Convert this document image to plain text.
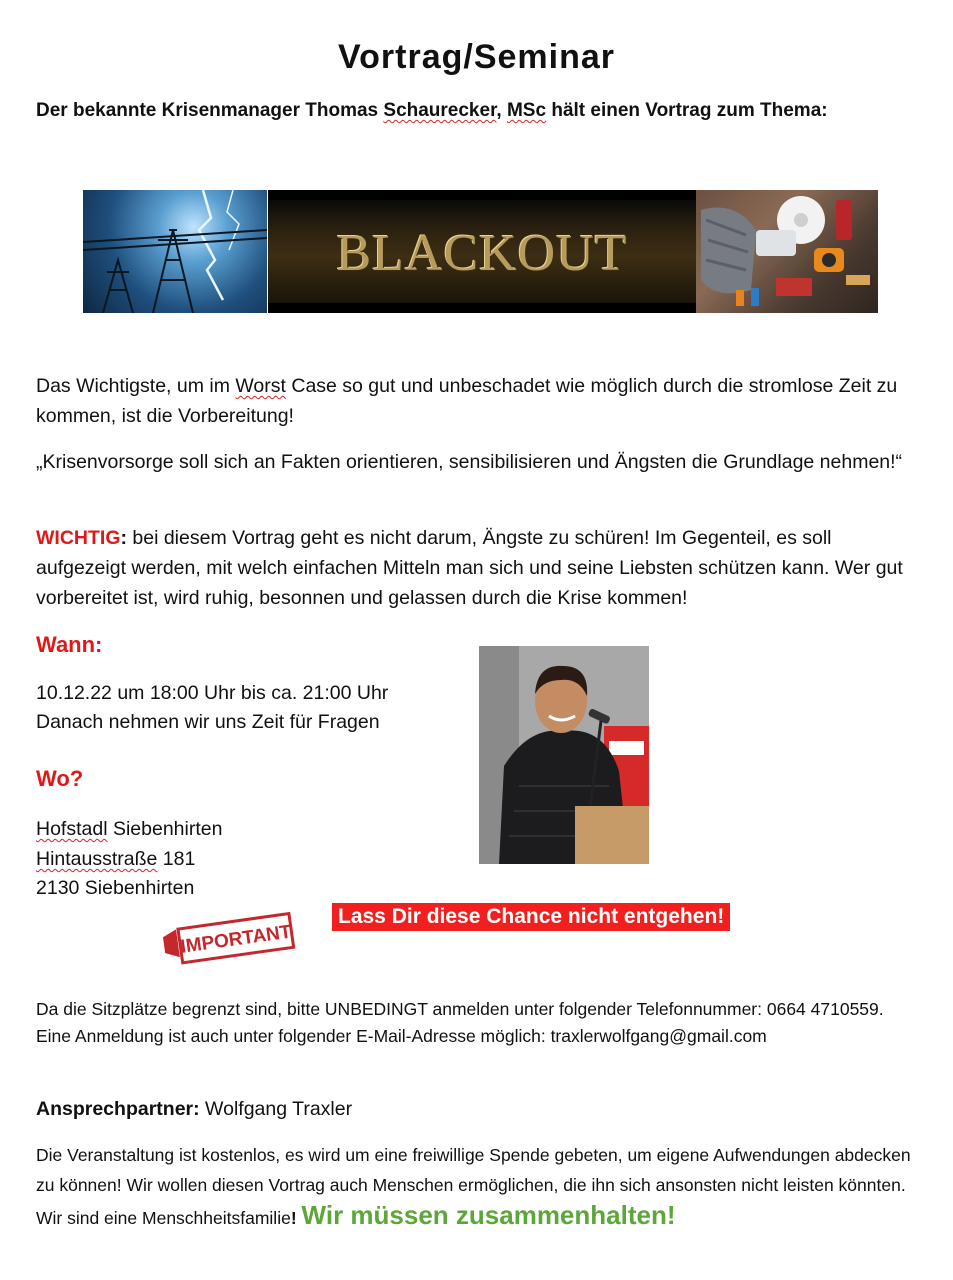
Vortrag/Seminar
Der bekannte Krisenmanager Thomas Schaurecker, MSc hält einen Vortrag zum Thema:
BLACKOUT
Das Wichtigste, um im Worst Case so gut und unbeschadet wie möglich durch die stromlose Zeit zu kommen, ist die Vorbereitung!
„Krisenvorsorge soll sich an Fakten orientieren, sensibilisieren und Ängsten die Grundlage nehmen!“
WICHTIG: bei diesem Vortrag geht es nicht darum, Ängste zu schüren! Im Gegenteil, es soll aufgezeigt werden, mit welch einfachen Mitteln man sich und seine Liebsten schützen kann. Wer gut vorbereitet ist, wird ruhig, besonnen und gelassen durch die Krise kommen!
Wann:
10.12.22 um 18:00 Uhr bis ca. 21:00 Uhr
Danach nehmen wir uns Zeit für Fragen
Wo?
Hofstadl Siebenhirten
Hintausstraße 181
2130 Siebenhirten
Lass Dir diese Chance nicht entgehen!
IMPORTANT
Da die Sitzplätze begrenzt sind, bitte UNBEDINGT anmelden unter folgender Telefonnummer: 0664 4710559. Eine Anmeldung ist auch unter folgender E-Mail-Adresse möglich: traxlerwolfgang@gmail.com
Ansprechpartner: Wolfgang Traxler
Die Veranstaltung ist kostenlos, es wird um eine freiwillige Spende gebeten, um eigene Aufwendungen abdecken zu können! Wir wollen diesen Vortrag auch Menschen ermöglichen, die ihn sich ansonsten nicht leisten könnten. Wir sind eine Menschheitsfamilie! Wir müssen zusammenhalten!
